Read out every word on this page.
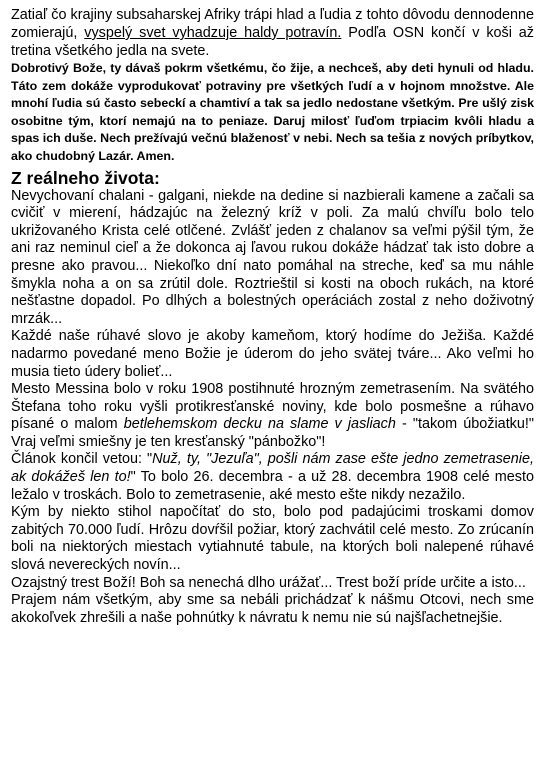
Zatiaľ čo krajiny subsaharskej Afriky trápi hlad a ľudia z tohto dôvodu dennodenne zomierajú, vyspelý svet vyhadzuje haldy potravín. Podľa OSN končí v koši až tretina všetkého jedla na svete.

Dobrotivý Bože, ty dávaš pokrm všetkému, čo žije, a nechceš, aby deti hynuli od hladu. Táto zem dokáže vyprodukovať potraviny pre všetkých ľudí a v hojnom množstve. Ale mnohí ľudia sú často sebeckí a chamtiví a tak sa jedlo nedostane všetkým. Pre ušlý zisk osobitne tým, ktorí nemajú na to peniaze. Daruj milosť ľuďom trpiacim kvôli hladu a spas ich duše. Nech prežívajú večnú blaženosť v nebi. Nech sa tešia z nových príbytkov, ako chudobný Lazár. Amen.

Z reálneho života:

Nevychovaní chalani - galgani, niekde na dedine si nazbierali kamene a začali sa cvičiť v mierení, hádzajúc na železný kríž v poli. Za malú chvíľu bolo telo ukrižovaného Krista celé otlčené. Zvlášť jeden z chalanov sa veľmi pýšil tým, že ani raz neminul cieľ a že dokonca aj ľavou rukou dokáže hádzať tak isto dobre a presne ako pravou... Niekoľko dní nato pomáhal na streche, keď sa mu náhle šmykla noha a on sa zrútil dole. Roztrieštil si kosti na oboch rukách, na ktoré nešťastne dopadol. Po dlhých a bolestných operáciách zostal z neho doživotný mrzák...

Každé naše rúhavé slovo je akoby kameňom, ktorý hodíme do Ježiša. Každé nadarmo povedané meno Božie je úderom do jeho svätej tváre... Ako veľmi ho musia tieto údery bolieť...

Mesto Messina bolo v roku 1908 postihnuté hrozným zemetrasením. Na svätého Štefana toho roku vyšli protikresťanské noviny, kde bolo posmešne a rúhavo písané o malom betlehemskom decku na slame v jasliach - "takom úbožiatku!" Vraj veľmi smiešny je ten kresťanský "pánbožko"!

Článok končil vetou: "Nuž, ty, "Jezuľa", pošli nám zase ešte jedno zemetrasenie, ak dokážeš len to!" To bolo 26. decembra - a už 28. decembra 1908 celé mesto ležalo v troskách. Bolo to zemetrasenie, aké mesto ešte nikdy nezažilo.

Kým by niekto stihol napočítať do sto, bolo pod padajúcimi troskami domov zabitých 70.000 ľudí. Hrôzu dovŕšil požiar, ktorý zachvátil celé mesto. Zo zrúcanín boli na niektorých miestach vytiahnuté tabule, na ktorých boli nalepené rúhavé slová nevereckých novín...

Ozajstný trest Boží! Boh sa nenechá dlho urážať... Trest boží príde určite a isto...

Prajem nám všetkým, aby sme sa nebáli prichádzať k nášmu Otcovi, nech sme akokoľvek zhrešili a naše pohnútky k návratu k nemu nie sú najšľachetnejšie.
